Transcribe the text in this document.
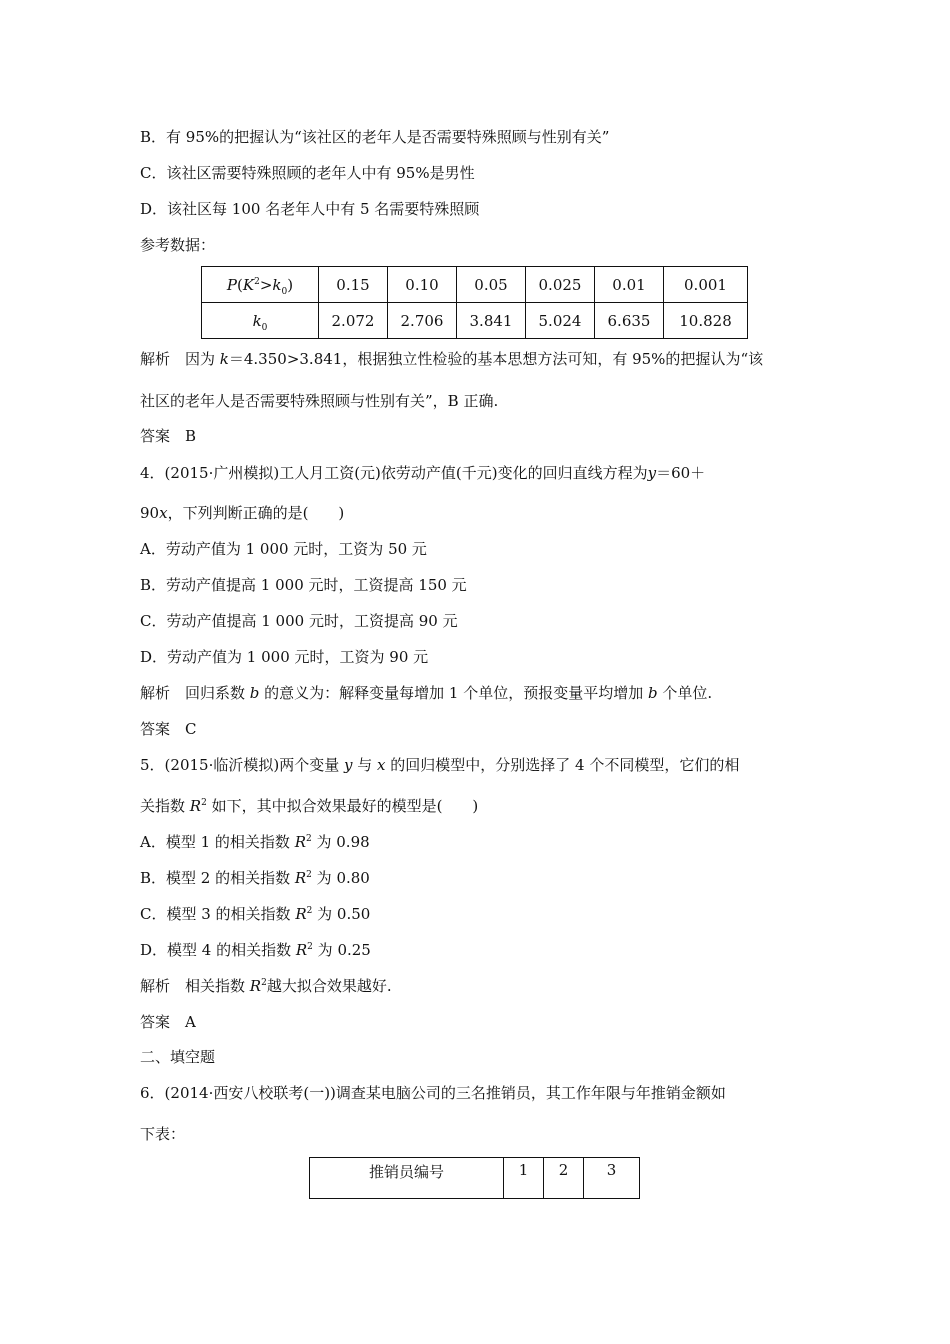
B．有 95%的把握认为“该社区的老年人是否需要特殊照顾与性别有关”
C．该社区需要特殊照顾的老年人中有 95%是男性
D．该社区每 100 名老年人中有 5 名需要特殊照顾
参考数据：
$P(K^2>k_0)$	0.15	0.10	0.05	0.025	0.01	0.001
$k_0$	2.072	2.706	3.841	5.024	6.635	10.828
解析　因为 k＝4.350>3.841，根据独立性检验的基本思想方法可知，有 95%的把握认为“该
社区的老年人是否需要特殊照顾与性别有关”，B 正确.
答案　B
4．(2015·广州模拟)工人月工资(元)依劳动产值(千元)变化的回归直线方程为y＝60＋
90x，下列判断正确的是(　　)
A．劳动产值为 1 000 元时，工资为 50 元
B．劳动产值提高 1 000 元时，工资提高 150 元
C．劳动产值提高 1 000 元时，工资提高 90 元
D．劳动产值为 1 000 元时，工资为 90 元
解析　回归系数 b 的意义为：解释变量每增加 1 个单位，预报变量平均增加 b 个单位.
答案　C
5．(2015·临沂模拟)两个变量 y 与 x 的回归模型中，分别选择了 4 个不同模型，它们的相
关指数 $R^2$ 如下，其中拟合效果最好的模型是(　　)
A．模型 1 的相关指数 $R^2$ 为 0.98
B．模型 2 的相关指数 $R^2$ 为 0.80
C．模型 3 的相关指数 $R^2$ 为 0.50
D．模型 4 的相关指数 $R^2$ 为 0.25
解析　相关指数 $R^2$越大拟合效果越好.
答案　A
二、填空题
6．(2014·西安八校联考(一))调查某电脑公司的三名推销员，其工作年限与年推销金额如
下表：
推销员编号	1	2	3
